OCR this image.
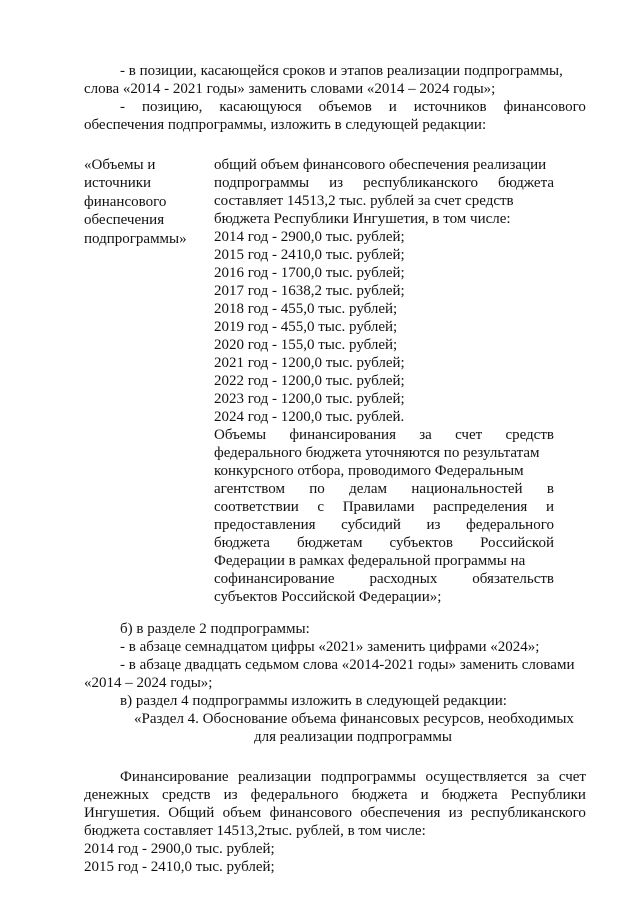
- в позиции, касающейся сроков и этапов реализации подпрограммы,
слова «2014 - 2021 годы» заменить словами «2014 – 2024 годы»;
- позицию, касающуюся объемов и источников финансового
обеспечения подпрограммы, изложить в следующей редакции:
«Объемы и
источники
финансового
обеспечения
подпрограммы»
общий объем финансового обеспечения реализации
подпрограммы из республиканского бюджета
составляет 14513,2 тыс. рублей за счет средств
бюджета Республики Ингушетия, в том числе:
2014 год - 2900,0 тыс. рублей;
2015 год - 2410,0 тыс. рублей;
2016 год - 1700,0 тыс. рублей;
2017 год - 1638,2 тыс. рублей;
2018 год - 455,0 тыс. рублей;
2019 год - 455,0 тыс. рублей;
2020 год - 155,0 тыс. рублей;
2021 год - 1200,0 тыс. рублей;
2022 год - 1200,0 тыс. рублей;
2023 год - 1200,0 тыс. рублей;
2024 год - 1200,0 тыс. рублей.
Объемы финансирования за счет средств
федерального бюджета уточняются по результатам
конкурсного отбора, проводимого Федеральным
агентством по делам национальностей в
соответствии с Правилами распределения и
предоставления субсидий из федерального
бюджета бюджетам субъектов Российской
Федерации в рамках федеральной программы на
софинансирование расходных обязательств
субъектов Российской Федерации»;
б) в разделе 2 подпрограммы:
- в абзаце семнадцатом цифры «2021» заменить цифрами «2024»;
- в абзаце двадцать седьмом слова «2014-2021 годы» заменить словами
«2014 – 2024 годы»;
в) раздел 4 подпрограммы изложить в следующей редакции:
«Раздел 4. Обоснование объема финансовых ресурсов, необходимых
для реализации подпрограммы
Финансирование реализации подпрограммы осуществляется за счет
денежных средств из федерального бюджета и бюджета Республики
Ингушетия. Общий объем финансового обеспечения из республиканского
бюджета составляет 14513,2тыс. рублей, в том числе:
2014 год - 2900,0 тыс. рублей;
2015 год - 2410,0 тыс. рублей;
